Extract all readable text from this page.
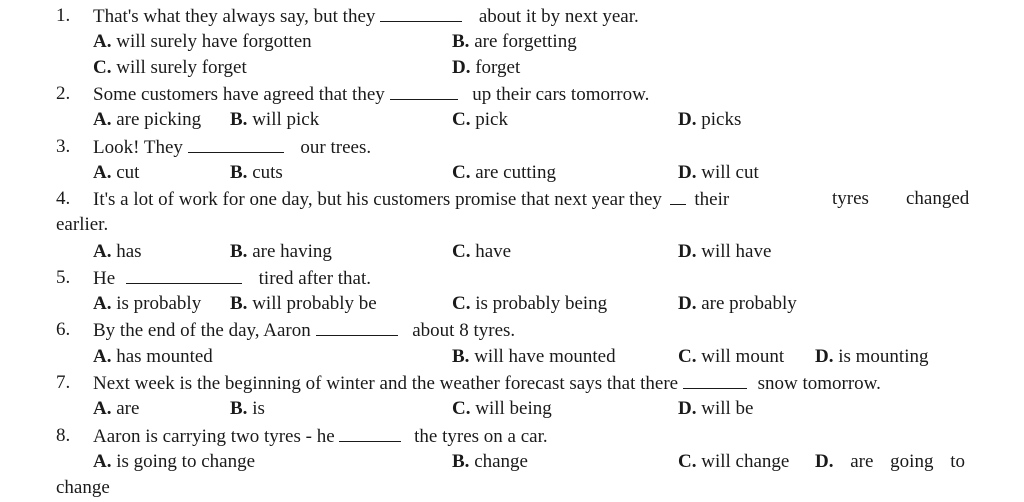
1. That's what they always say, but they	about it by next year.
A. will surely have forgotten	B. are forgetting
C. will surely forget	D. forget
2. Some customers have agreed that they	up their cars tomorrow.
A. are picking B. will pick	C. pick	D. picks
3. Look! They	our trees.
A. cut	B. cuts	C. are cutting	D. will cut
4. It's a lot of work for one day, but his customers promise that next year they their	tyres changed
earlier.
A. has	B. are having	C. have	D. will have
5. He	tired after that.
A. is probably B. will probably be	C. is probably being	D. are probably
6. By the end of the day, Aaron	about 8 tyres.
A. has mounted	B. will have mounted	C. will mount D. is mounting
7. Next week is the beginning of winter and the weather forecast says that there	snow tomorrow.
A. are	B. is	C. will being	D. will be
8. Aaron is carrying two tyres - he	the tyres on a car.
A. is going to change	B. change	C. will change D. are going to
change
